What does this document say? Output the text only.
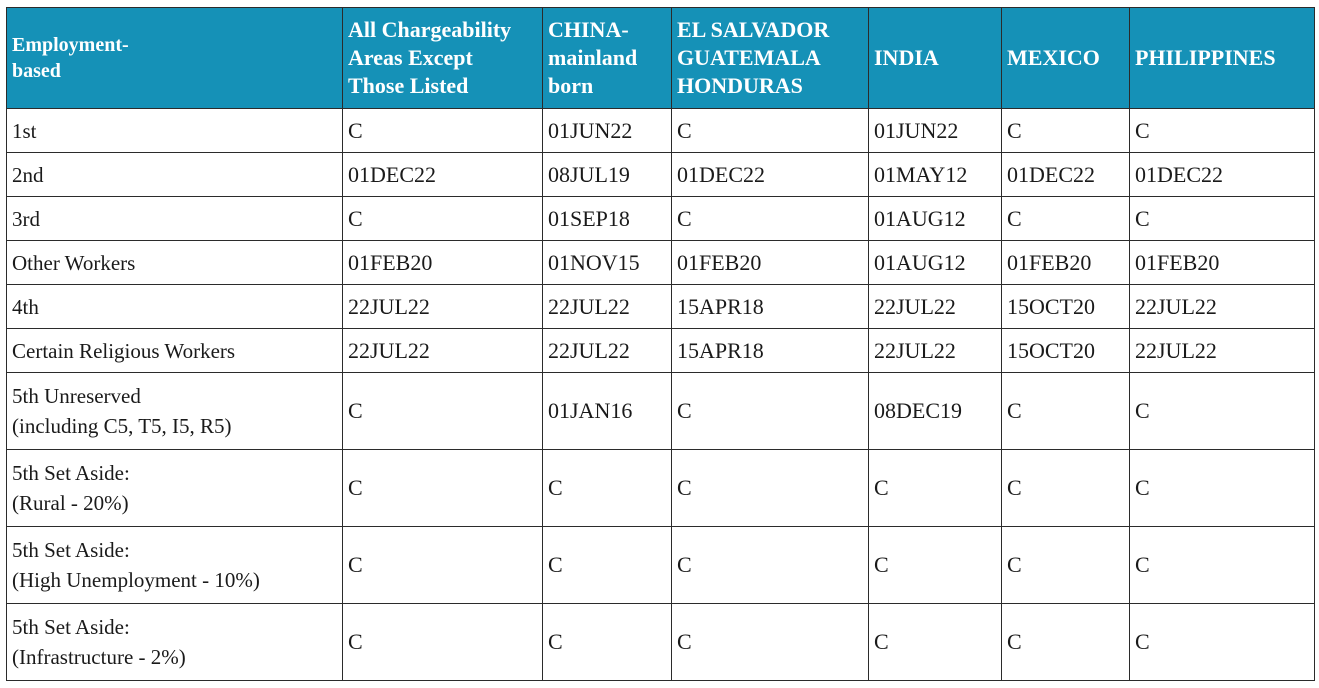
Employment-
based	All Chargeability
Areas Except
Those Listed	CHINA-
mainland
born	EL SALVADOR
GUATEMALA
HONDURAS	INDIA	MEXICO	PHILIPPINES
1st	C	01JUN22	C	01JUN22	C	C
2nd	01DEC22	08JUL19	01DEC22	01MAY12	01DEC22	01DEC22
3rd	C	01SEP18	C	01AUG12	C	C
Other Workers	01FEB20	01NOV15	01FEB20	01AUG12	01FEB20	01FEB20
4th	22JUL22	22JUL22	15APR18	22JUL22	15OCT20	22JUL22
Certain Religious Workers	22JUL22	22JUL22	15APR18	22JUL22	15OCT20	22JUL22
5th Unreserved
(including C5, T5, I5, R5)	C	01JAN16	C	08DEC19	C	C
5th Set Aside:
(Rural - 20%)	C	C	C	C	C	C
5th Set Aside:
(High Unemployment - 10%)	C	C	C	C	C	C
5th Set Aside:
(Infrastructure - 2%)	C	C	C	C	C	C
